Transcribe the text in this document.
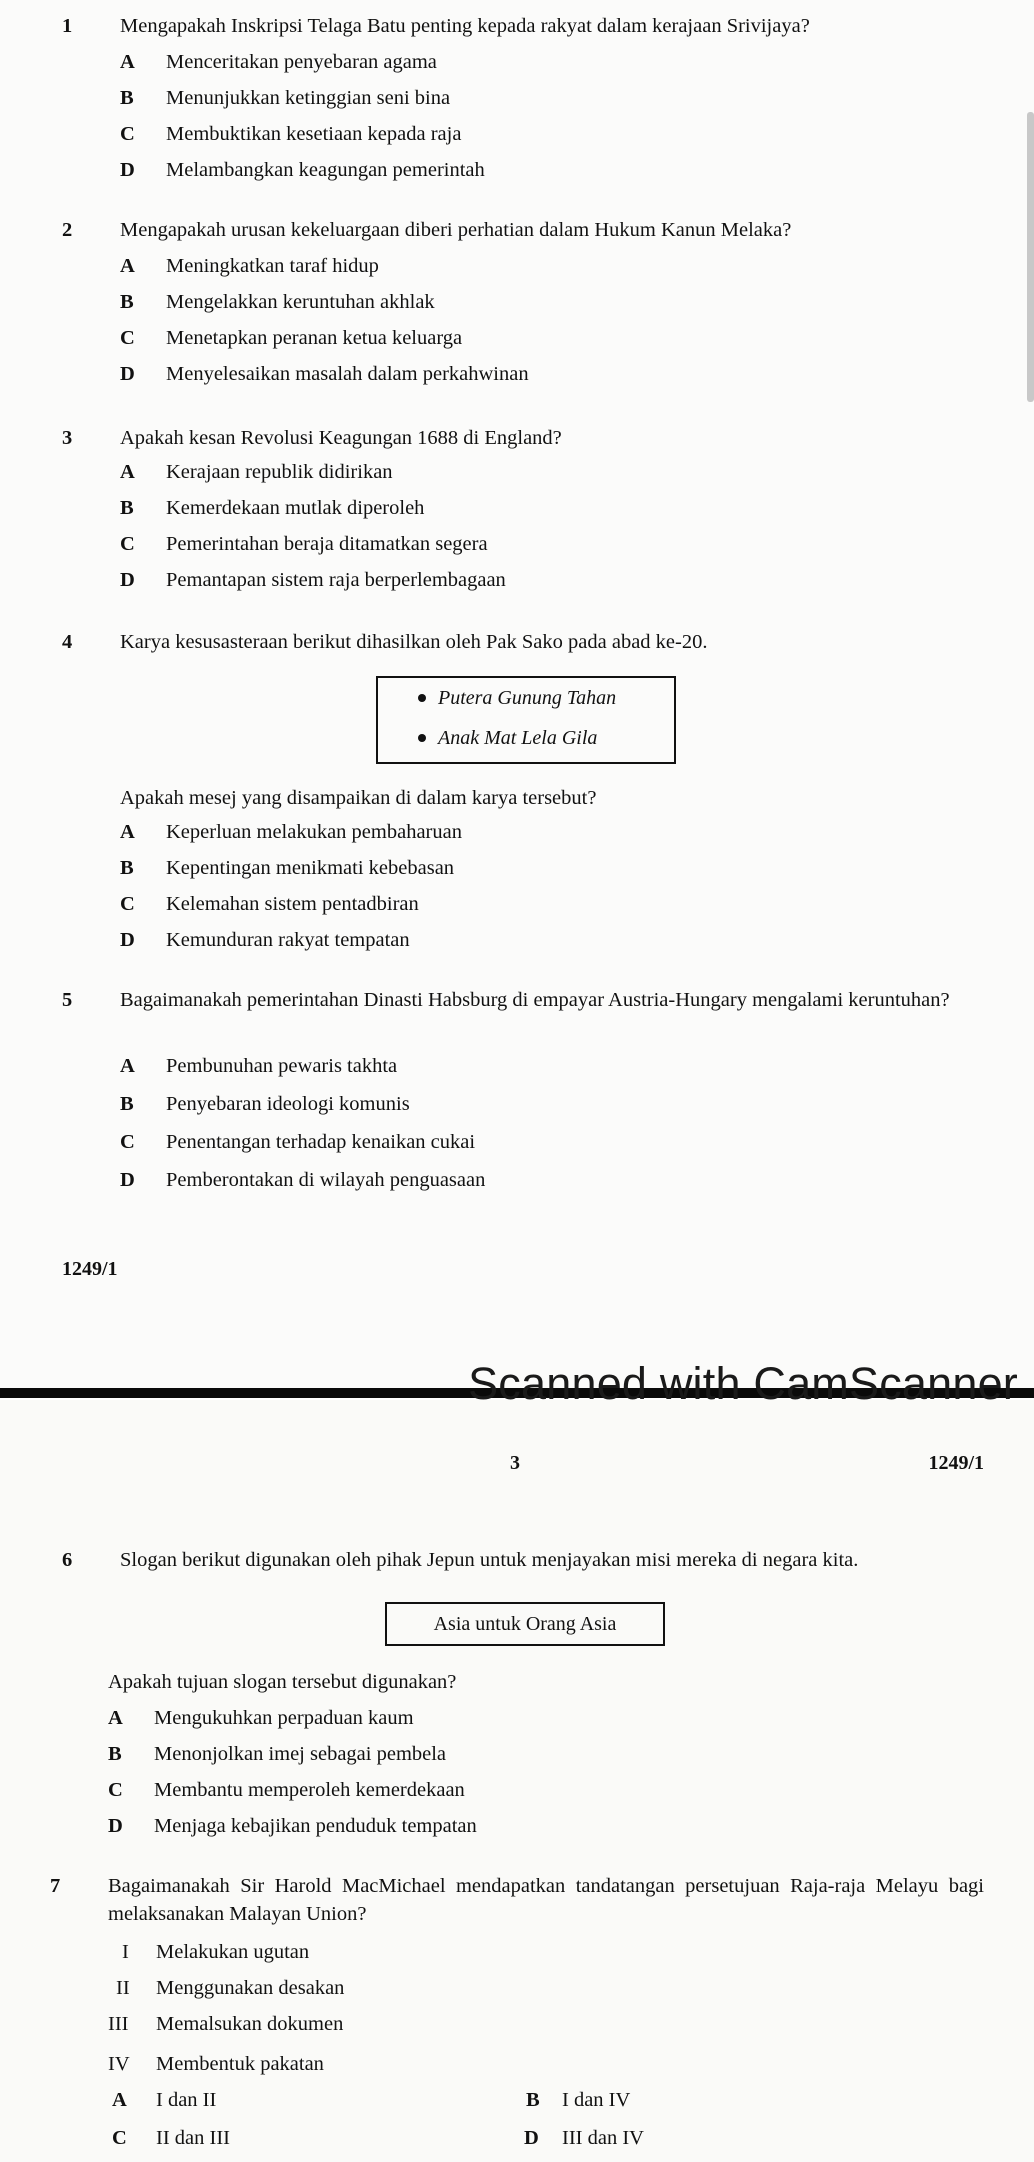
1 Mengapakah Inskripsi Telaga Batu penting kepada rakyat dalam kerajaan Srivijaya?
A Menceritakan penyebaran agama
B Menunjukkan ketinggian seni bina
C Membuktikan kesetiaan kepada raja
D Melambangkan keagungan pemerintah
2 Mengapakah urusan kekeluargaan diberi perhatian dalam Hukum Kanun Melaka?
A Meningkatkan taraf hidup
B Mengelakkan keruntuhan akhlak
C Menetapkan peranan ketua keluarga
D Menyelesaikan masalah dalam perkahwinan
3 Apakah kesan Revolusi Keagungan 1688 di England?
A Kerajaan republik didirikan
B Kemerdekaan mutlak diperoleh
C Pemerintahan beraja ditamatkan segera
D Pemantapan sistem raja berperlembagaan
4 Karya kesusasteraan berikut dihasilkan oleh Pak Sako pada abad ke-20.
Putera Gunung Tahan
Anak Mat Lela Gila
Apakah mesej yang disampaikan di dalam karya tersebut?
A Keperluan melakukan pembaharuan
B Kepentingan menikmati kebebasan
C Kelemahan sistem pentadbiran
D Kemunduran rakyat tempatan
5 Bagaimanakah pemerintahan Dinasti Habsburg di empayar Austria-Hungary mengalami keruntuhan?
A Pembunuhan pewaris takhta
B Penyebaran ideologi komunis
C Penentangan terhadap kenaikan cukai
D Pemberontakan di wilayah penguasaan
1249/1
Scanned with CamScanner
3	1249/1
6 Slogan berikut digunakan oleh pihak Jepun untuk menjayakan misi mereka di negara kita.
Asia untuk Orang Asia
Apakah tujuan slogan tersebut digunakan?
A Mengukuhkan perpaduan kaum
B Menonjolkan imej sebagai pembela
C Membantu memperoleh kemerdekaan
D Menjaga kebajikan penduduk tempatan
7 Bagaimanakah Sir Harold MacMichael mendapatkan tandatangan persetujuan Raja-raja Melayu bagi melaksanakan Malayan Union?
I Melakukan ugutan
II Menggunakan desakan
III Memalsukan dokumen
IV Membentuk pakatan
A I dan II	B I dan IV
C II dan III	D III dan IV
